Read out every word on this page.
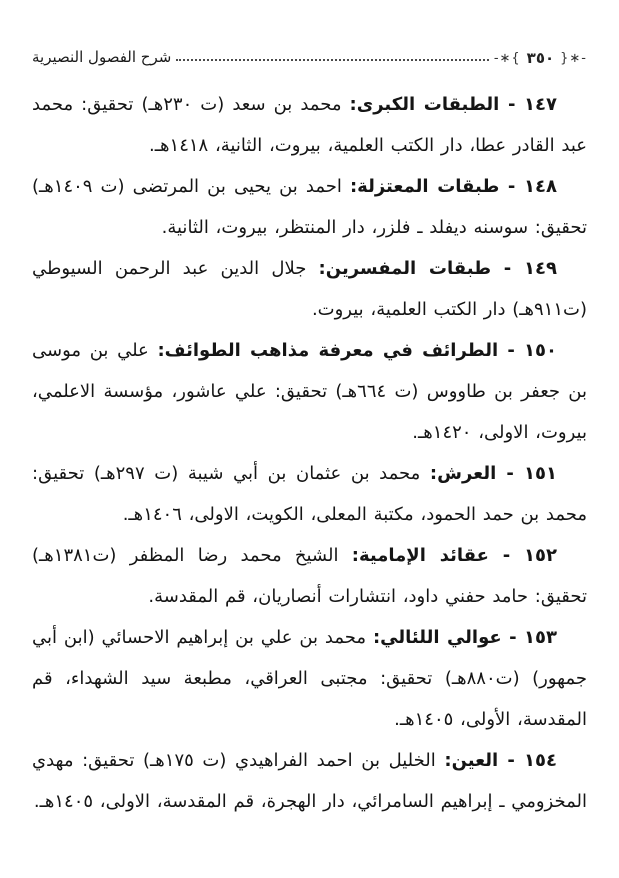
شرح الفصول النصيرية	-∗{ ٣٥٠ }∗-

١٤٧ - الطبقات الكبرى: محمد بن سعد (ت ٢٣٠هـ) تحقيق: محمد عبد القادر عطا، دار الكتب العلمية، بيروت، الثانية، ١٤١٨هـ.

١٤٨ - طبقات المعتزلة: احمد بن يحيى بن المرتضى (ت ١٤٠٩هـ) تحقيق: سوسنه ديفلد ـ فلزر، دار المنتظر، بيروت، الثانية.

١٤٩ - طبقات المفسرين: جلال الدين عبد الرحمن السيوطي (ت٩١١هـ) دار الكتب العلمية، بيروت.

١٥٠ - الطرائف في معرفة مذاهب الطوائف: علي بن موسى بن جعفر بن طاووس (ت ٦٦٤هـ) تحقيق: علي عاشور، مؤسسة الاعلمي، بيروت، الاولى، ١٤٢٠هـ.

١٥١ - العرش: محمد بن عثمان بن أبي شيبة (ت ٢٩٧هـ) تحقيق: محمد بن حمد الحمود، مكتبة المعلى، الكويت، الاولى، ١٤٠٦هـ.

١٥٢ - عقائد الإمامية: الشيخ محمد رضا المظفر (ت١٣٨١هـ) تحقيق: حامد حفني داود، انتشارات أنصاريان، قم المقدسة.

١٥٣ - عوالي اللئالي: محمد بن علي بن إبراهيم الاحسائي (ابن أبي جمهور) (ت٨٨٠هـ) تحقيق: مجتبى العراقي، مطبعة سيد الشهداء، قم المقدسة، الأولى، ١٤٠٥هـ.

١٥٤ - العين: الخليل بن احمد الفراهيدي (ت ١٧٥هـ) تحقيق: مهدي المخزومي ـ إبراهيم السامرائي، دار الهجرة، قم المقدسة، الاولى، ١٤٠٥هـ.
